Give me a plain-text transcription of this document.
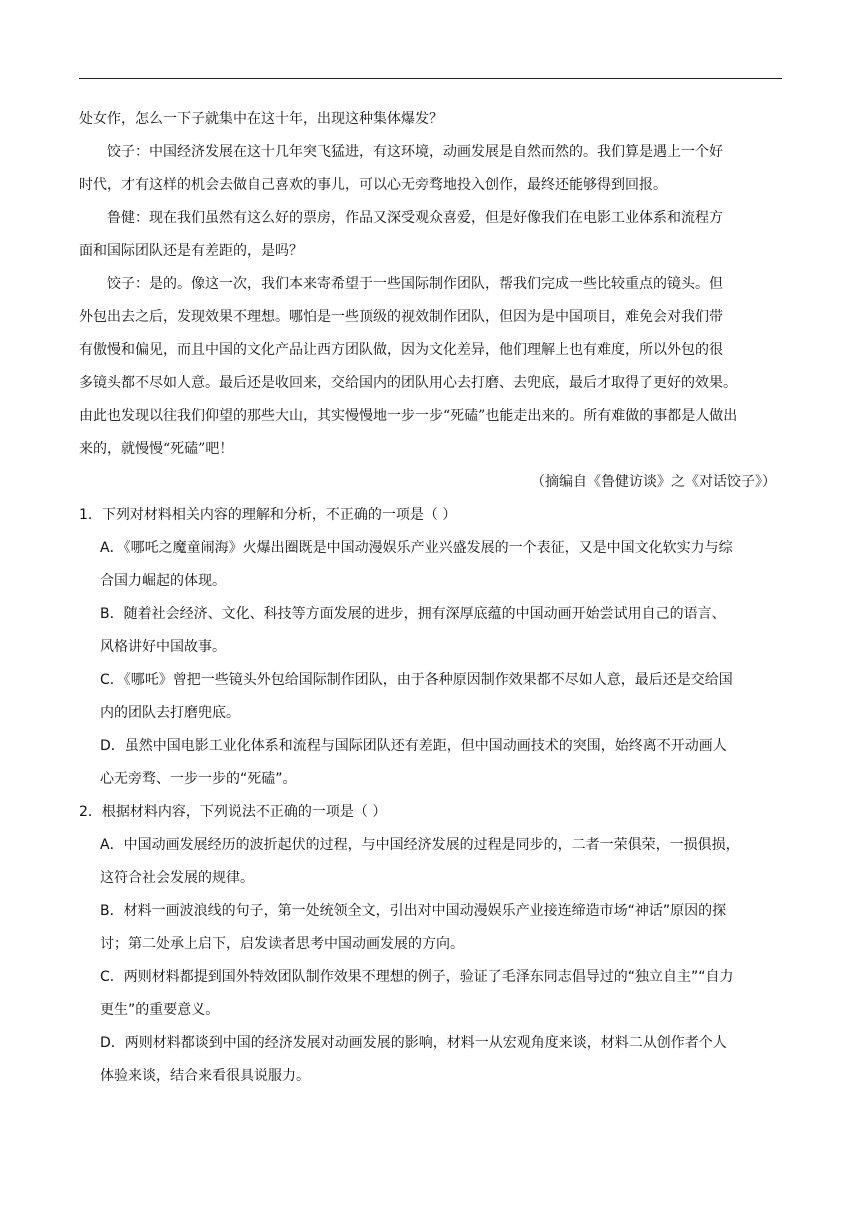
处女作，怎么一下子就集中在这十年，出现这种集体爆发？
饺子：中国经济发展在这十几年突飞猛进，有这环境，动画发展是自然而然的。我们算是遇上一个好
时代，才有这样的机会去做自己喜欢的事儿，可以心无旁骛地投入创作，最终还能够得到回报。
鲁健：现在我们虽然有这么好的票房，作品又深受观众喜爱，但是好像我们在电影工业体系和流程方
面和国际团队还是有差距的，是吗？
饺子：是的。像这一次，我们本来寄希望于一些国际制作团队，帮我们完成一些比较重点的镜头。但
外包出去之后，发现效果不理想。哪怕是一些顶级的视效制作团队，但因为是中国项目，难免会对我们带
有傲慢和偏见，而且中国的文化产品让西方团队做，因为文化差异，他们理解上也有难度，所以外包的很
多镜头都不尽如人意。最后还是收回来，交给国内的团队用心去打磨、去兜底，最后才取得了更好的效果。
由此也发现以往我们仰望的那些大山，其实慢慢地一步一步“死磕”也能走出来的。所有难做的事都是人做出
来的，就慢慢“死磕”吧！
（摘编自《鲁健访谈》之《对话饺子》）
1．下列对材料相关内容的理解和分析，不正确的一项是（ ）
A．《哪吒之魔童闹海》火爆出圈既是中国动漫娱乐产业兴盛发展的一个表征，又是中国文化软实力与综
合国力崛起的体现。
B．随着社会经济、文化、科技等方面发展的进步，拥有深厚底蕴的中国动画开始尝试用自己的语言、
风格讲好中国故事。
C．《哪吒》曾把一些镜头外包给国际制作团队，由于各种原因制作效果都不尽如人意，最后还是交给国
内的团队去打磨兜底。
D．虽然中国电影工业化体系和流程与国际团队还有差距，但中国动画技术的突围，始终离不开动画人
心无旁骛、一步一步的“死磕”。
2．根据材料内容，下列说法不正确的一项是（ ）
A．中国动画发展经历的波折起伏的过程，与中国经济发展的过程是同步的，二者一荣俱荣，一损俱损，
这符合社会发展的规律。
B．材料一画波浪线的句子，第一处统领全文，引出对中国动漫娱乐产业接连缔造市场“神话”原因的探
讨；第二处承上启下，启发读者思考中国动画发展的方向。
C．两则材料都提到国外特效团队制作效果不理想的例子，验证了毛泽东同志倡导过的“独立自主”“自力
更生”的重要意义。
D．两则材料都谈到中国的经济发展对动画发展的影响，材料一从宏观角度来谈，材料二从创作者个人
体验来谈，结合来看很具说服力。
